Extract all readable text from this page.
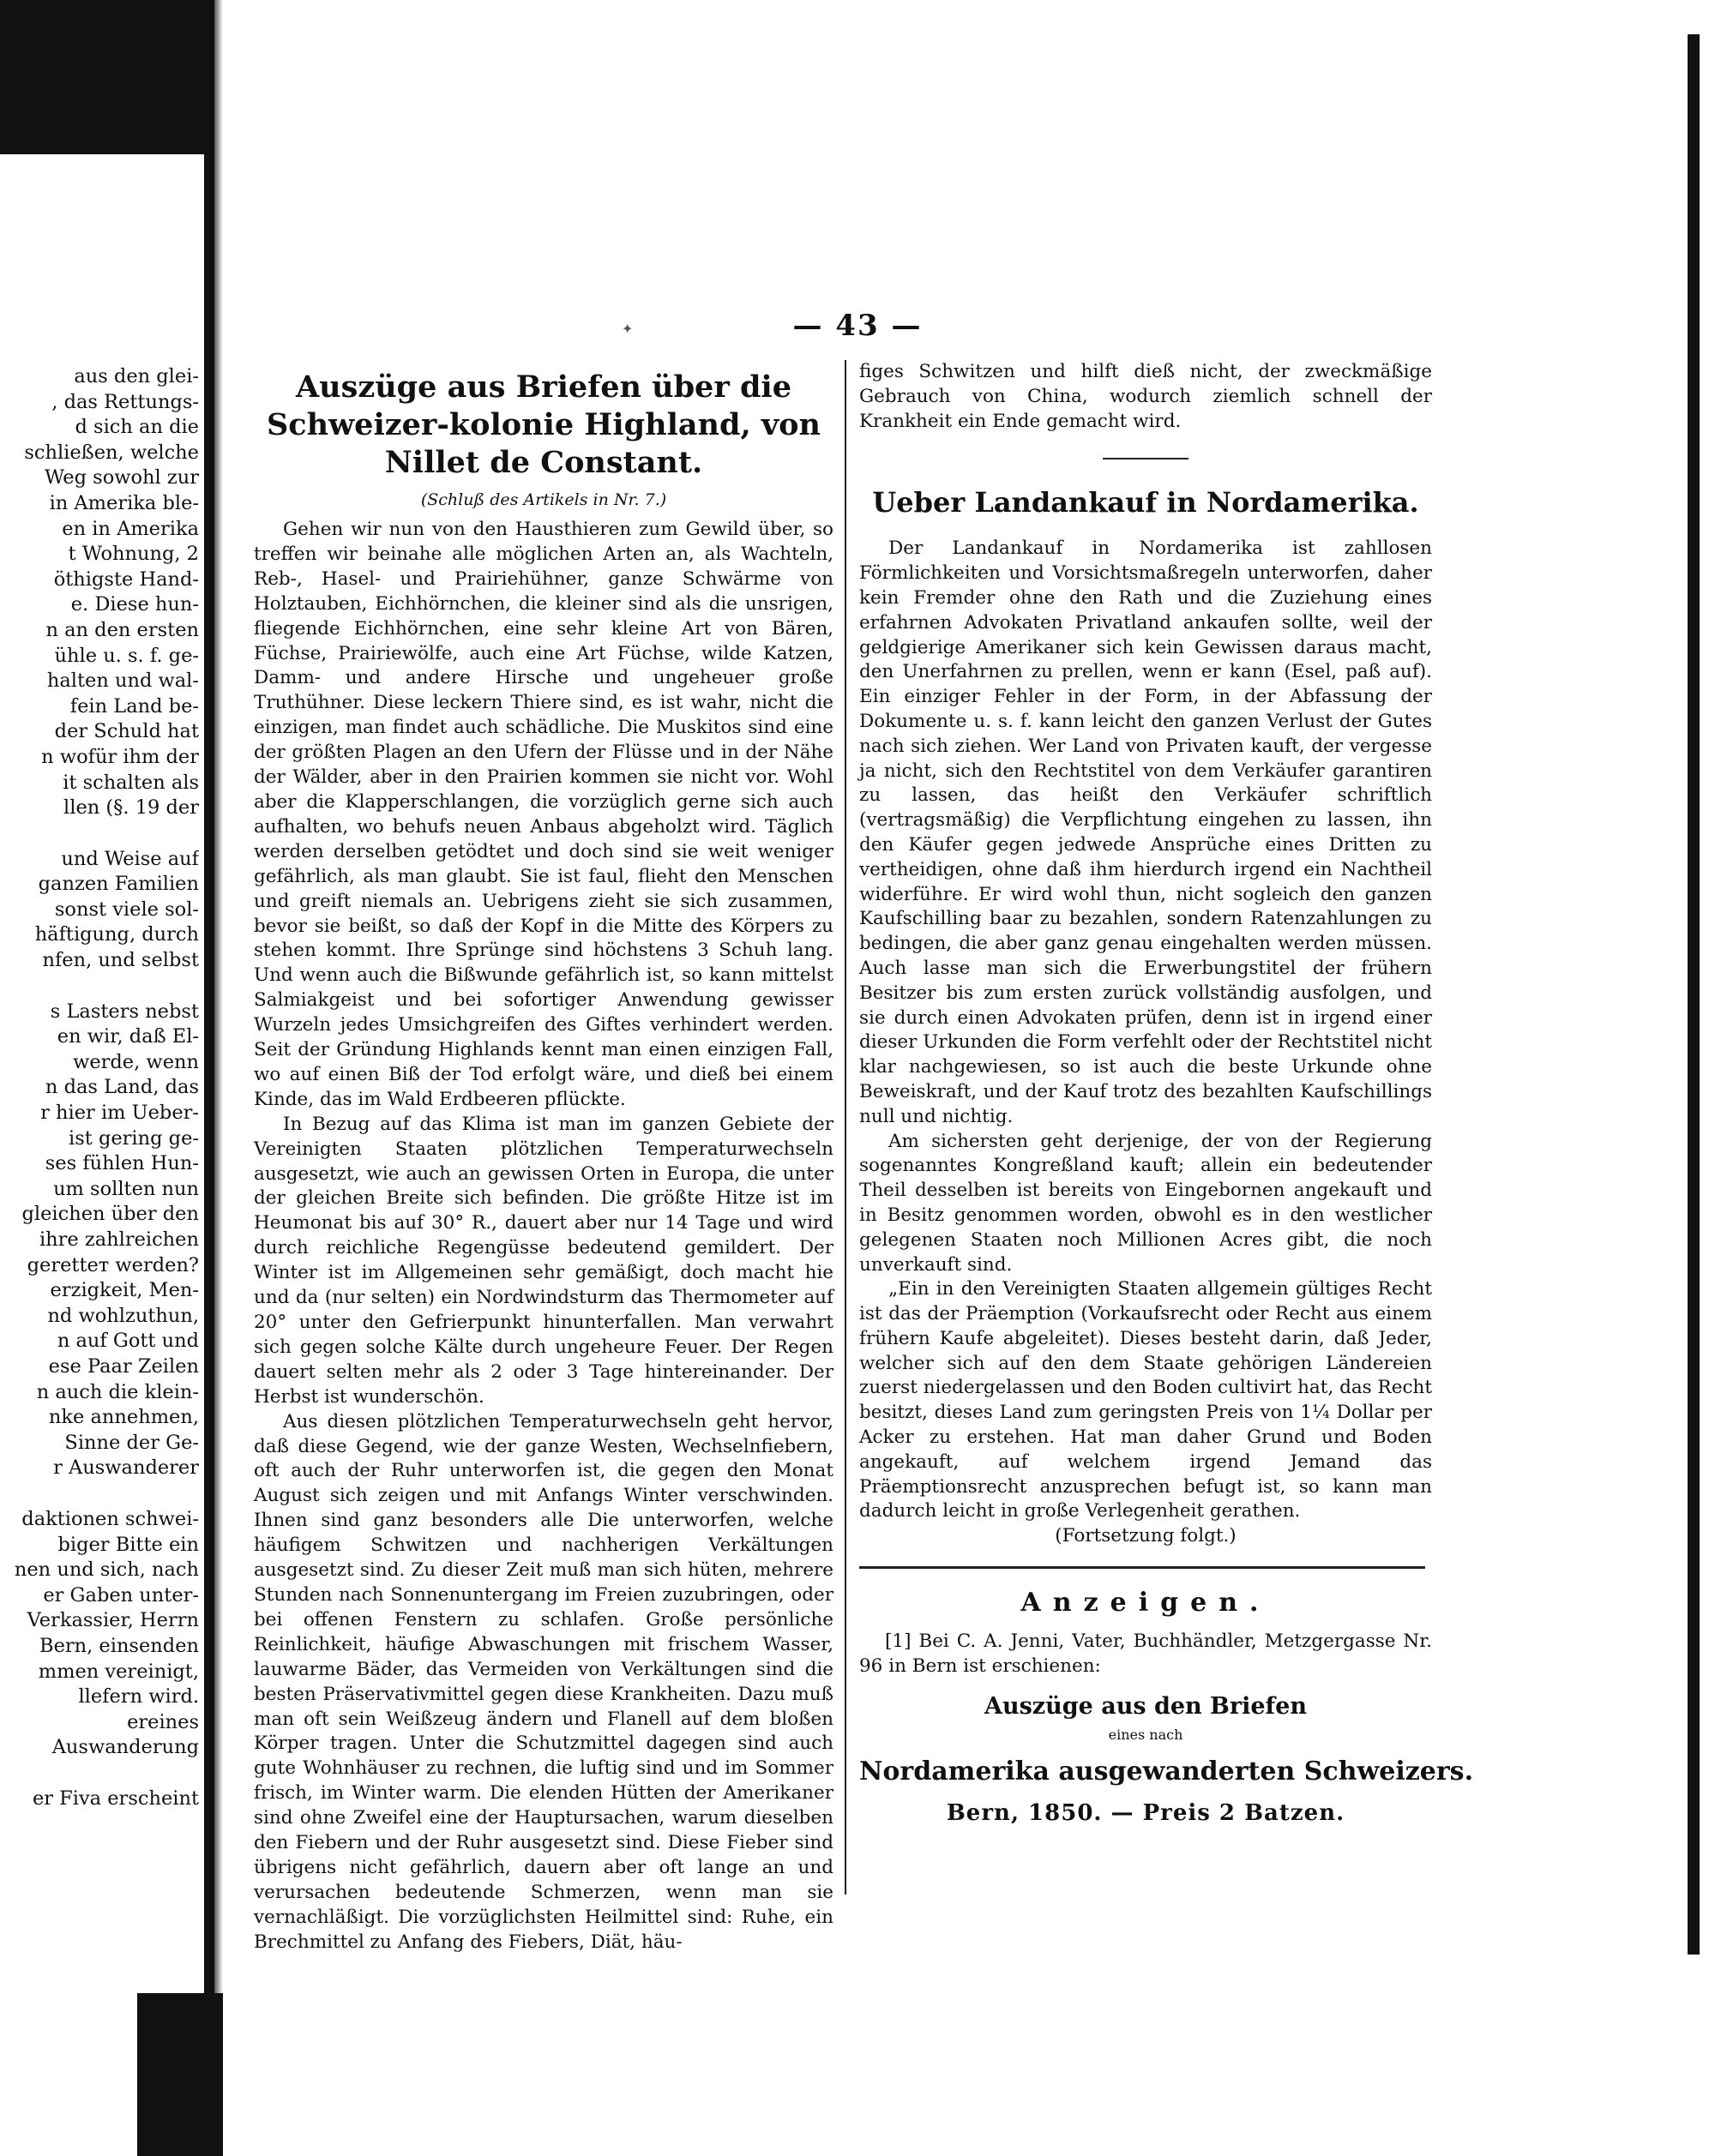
aus den glei-
, das Rettungs-
d sich an die
schließen, welche
Weg sowohl zur
in Amerika ble-
en in Amerika
t Wohnung, 2
öthigste Hand-
e. Diese hun-
n an den ersten
ühle u. s. f. ge-
halten und wal-
fein Land be-
der Schuld hat
n wofür ihm der
it schalten als
llen (§. 19 der
und Weise auf
ganzen Familien
sonst viele sol-
häftigung, durch
nfen, und selbst
s Lasters nebst
en wir, daß El-
werde, wenn
n das Land, das
r hier im Ueber-
ist gering ge-
ses fühlen Hun-
um sollten nun
gleichen über den
ihre zahlreichen
geretteт werden?
erzigkeit, Men-
nd wohlzuthun,
n auf Gott und
ese Paar Zeilen
n auch die klein-
nke annehmen,
Sinne der Ge-
r Auswanderer
daktionen schwei-
biger Bitte ein
nen und sich, nach
er Gaben unter-
Verkassier, Herrn
Bern, einsenden
mmen vereinigt,
llefern wird.
ereines
Auswanderung
er Fiva erscheint
✦	— 43 —
Auszüge aus Briefen über die Schweizer-kolonie Highland, von Nillet de Constant.
(Schluß des Artikels in Nr. 7.)

Gehen wir nun von den Hausthieren zum Gewild über, so treffen wir beinahe alle möglichen Arten an, als Wachteln, Reb-, Hasel- und Prairiehühner, ganze Schwärme von Holztauben, Eichhörnchen, die kleiner sind als die unsrigen, fliegende Eichhörnchen, eine sehr kleine Art von Bären, Füchse, Prairiewölfe, auch eine Art Füchse, wilde Katzen, Damm- und andere Hirsche und ungeheuer große Truthühner. Diese leckern Thiere sind, es ist wahr, nicht die einzigen, man findet auch schädliche. Die Muskitos sind eine der größten Plagen an den Ufern der Flüsse und in der Nähe der Wälder, aber in den Prairien kommen sie nicht vor. Wohl aber die Klapperschlangen, die vorzüglich gerne sich auch aufhalten, wo behufs neuen Anbaus abgeholzt wird. Täglich werden derselben getödtet und doch sind sie weit weniger gefährlich, als man glaubt. Sie ist faul, flieht den Menschen und greift niemals an. Uebrigens zieht sie sich zusammen, bevor sie beißt, so daß der Kopf in die Mitte des Körpers zu stehen kommt. Ihre Sprünge sind höchstens 3 Schuh lang. Und wenn auch die Bißwunde gefährlich ist, so kann mittelst Salmiakgeist und bei sofortiger Anwendung gewisser Wurzeln jedes Umsichgreifen des Giftes verhindert werden. Seit der Gründung Highlands kennt man einen einzigen Fall, wo auf einen Biß der Tod erfolgt wäre, und dieß bei einem Kinde, das im Wald Erdbeeren pflückte.

In Bezug auf das Klima ist man im ganzen Gebiete der Vereinigten Staaten plötzlichen Temperaturwechseln ausgesetzt, wie auch an gewissen Orten in Europa, die unter der gleichen Breite sich befinden. Die größte Hitze ist im Heumonat bis auf 30° R., dauert aber nur 14 Tage und wird durch reichliche Regengüsse bedeutend gemildert. Der Winter ist im Allgemeinen sehr gemäßigt, doch macht hie und da (nur selten) ein Nordwindsturm das Thermometer auf 20° unter den Gefrierpunkt hinunterfallen. Man verwahrt sich gegen solche Kälte durch ungeheure Feuer. Der Regen dauert selten mehr als 2 oder 3 Tage hintereinander. Der Herbst ist wunderschön.

Aus diesen plötzlichen Temperaturwechseln geht hervor, daß diese Gegend, wie der ganze Westen, Wechselnfiebern, oft auch der Ruhr unterworfen ist, die gegen den Monat August sich zeigen und mit Anfangs Winter verschwinden. Ihnen sind ganz besonders alle Die unterworfen, welche häufigem Schwitzen und nachherigen Verkältungen ausgesetzt sind. Zu dieser Zeit muß man sich hüten, mehrere Stunden nach Sonnenuntergang im Freien zuzubringen, oder bei offenen Fenstern zu schlafen. Große persönliche Reinlichkeit, häufige Abwaschungen mit frischem Wasser, lauwarme Bäder, das Vermeiden von Verkältungen sind die besten Präservativmittel gegen diese Krankheiten. Dazu muß man oft sein Weißzeug ändern und Flanell auf dem bloßen Körper tragen. Unter die Schutzmittel dagegen sind auch gute Wohnhäuser zu rechnen, die luftig sind und im Sommer frisch, im Winter warm. Die elenden Hütten der Amerikaner sind ohne Zweifel eine der Hauptursachen, warum dieselben den Fiebern und der Ruhr ausgesetzt sind. Diese Fieber sind übrigens nicht gefährlich, dauern aber oft lange an und verursachen bedeutende Schmerzen, wenn man sie vernachläßigt. Die vorzüglichsten Heilmittel sind: Ruhe, ein Brechmittel zu Anfang des Fiebers, Diät, häu-

figes Schwitzen und hilft dieß nicht, der zweckmäßige Gebrauch von China, wodurch ziemlich schnell der Krankheit ein Ende gemacht wird.

Ueber Landankauf in Nordamerika.

Der Landankauf in Nordamerika ist zahllosen Förmlichkeiten und Vorsichtsmaßregeln unterworfen, daher kein Fremder ohne den Rath und die Zuziehung eines erfahrnen Advokaten Privatland ankaufen sollte, weil der geldgierige Amerikaner sich kein Gewissen daraus macht, den Unerfahrnen zu prellen, wenn er kann (Esel, paß auf). Ein einziger Fehler in der Form, in der Abfassung der Dokumente u. s. f. kann leicht den ganzen Verlust der Gutes nach sich ziehen. Wer Land von Privaten kauft, der vergesse ja nicht, sich den Rechtstitel von dem Verkäufer garantiren zu lassen, das heißt den Verkäufer schriftlich (vertragsmäßig) die Verpflichtung eingehen zu lassen, ihn den Käufer gegen jedwede Ansprüche eines Dritten zu vertheidigen, ohne daß ihm hierdurch irgend ein Nachtheil widerführe. Er wird wohl thun, nicht sogleich den ganzen Kaufschilling baar zu bezahlen, sondern Ratenzahlungen zu bedingen, die aber ganz genau eingehalten werden müssen. Auch lasse man sich die Erwerbungstitel der frühern Besitzer bis zum ersten zurück vollständig ausfolgen, und sie durch einen Advokaten prüfen, denn ist in irgend einer dieser Urkunden die Form verfehlt oder der Rechtstitel nicht klar nachgewiesen, so ist auch die beste Urkunde ohne Beweiskraft, und der Kauf trotz des bezahlten Kaufschillings null und nichtig.

Am sichersten geht derjenige, der von der Regierung sogenanntes Kongreßland kauft; allein ein bedeutender Theil desselben ist bereits von Eingebornen angekauft und in Besitz genommen worden, obwohl es in den westlicher gelegenen Staaten noch Millionen Acres gibt, die noch unverkauft sind.

„Ein in den Vereinigten Staaten allgemein gültiges Recht ist das der Präemption (Vorkaufsrecht oder Recht aus einem frühern Kaufe abgeleitet). Dieses besteht darin, daß Jeder, welcher sich auf den dem Staate gehörigen Ländereien zuerst niedergelassen und den Boden cultivirt hat, das Recht besitzt, dieses Land zum geringsten Preis von 1¼ Dollar per Acker zu erstehen. Hat man daher Grund und Boden angekauft, auf welchem irgend Jemand das Präemptionsrecht anzusprechen befugt ist, so kann man dadurch leicht in große Verlegenheit gerathen.

(Fortsetzung folgt.)

Anzeigen.

[1] Bei C. A. Jenni, Vater, Buchhändler, Metzgergasse Nr. 96 in Bern ist erschienen:

Auszüge aus den Briefen
eines nach
Nordamerika ausgewanderten Schweizers.
Bern, 1850. — Preis 2 Batzen.
